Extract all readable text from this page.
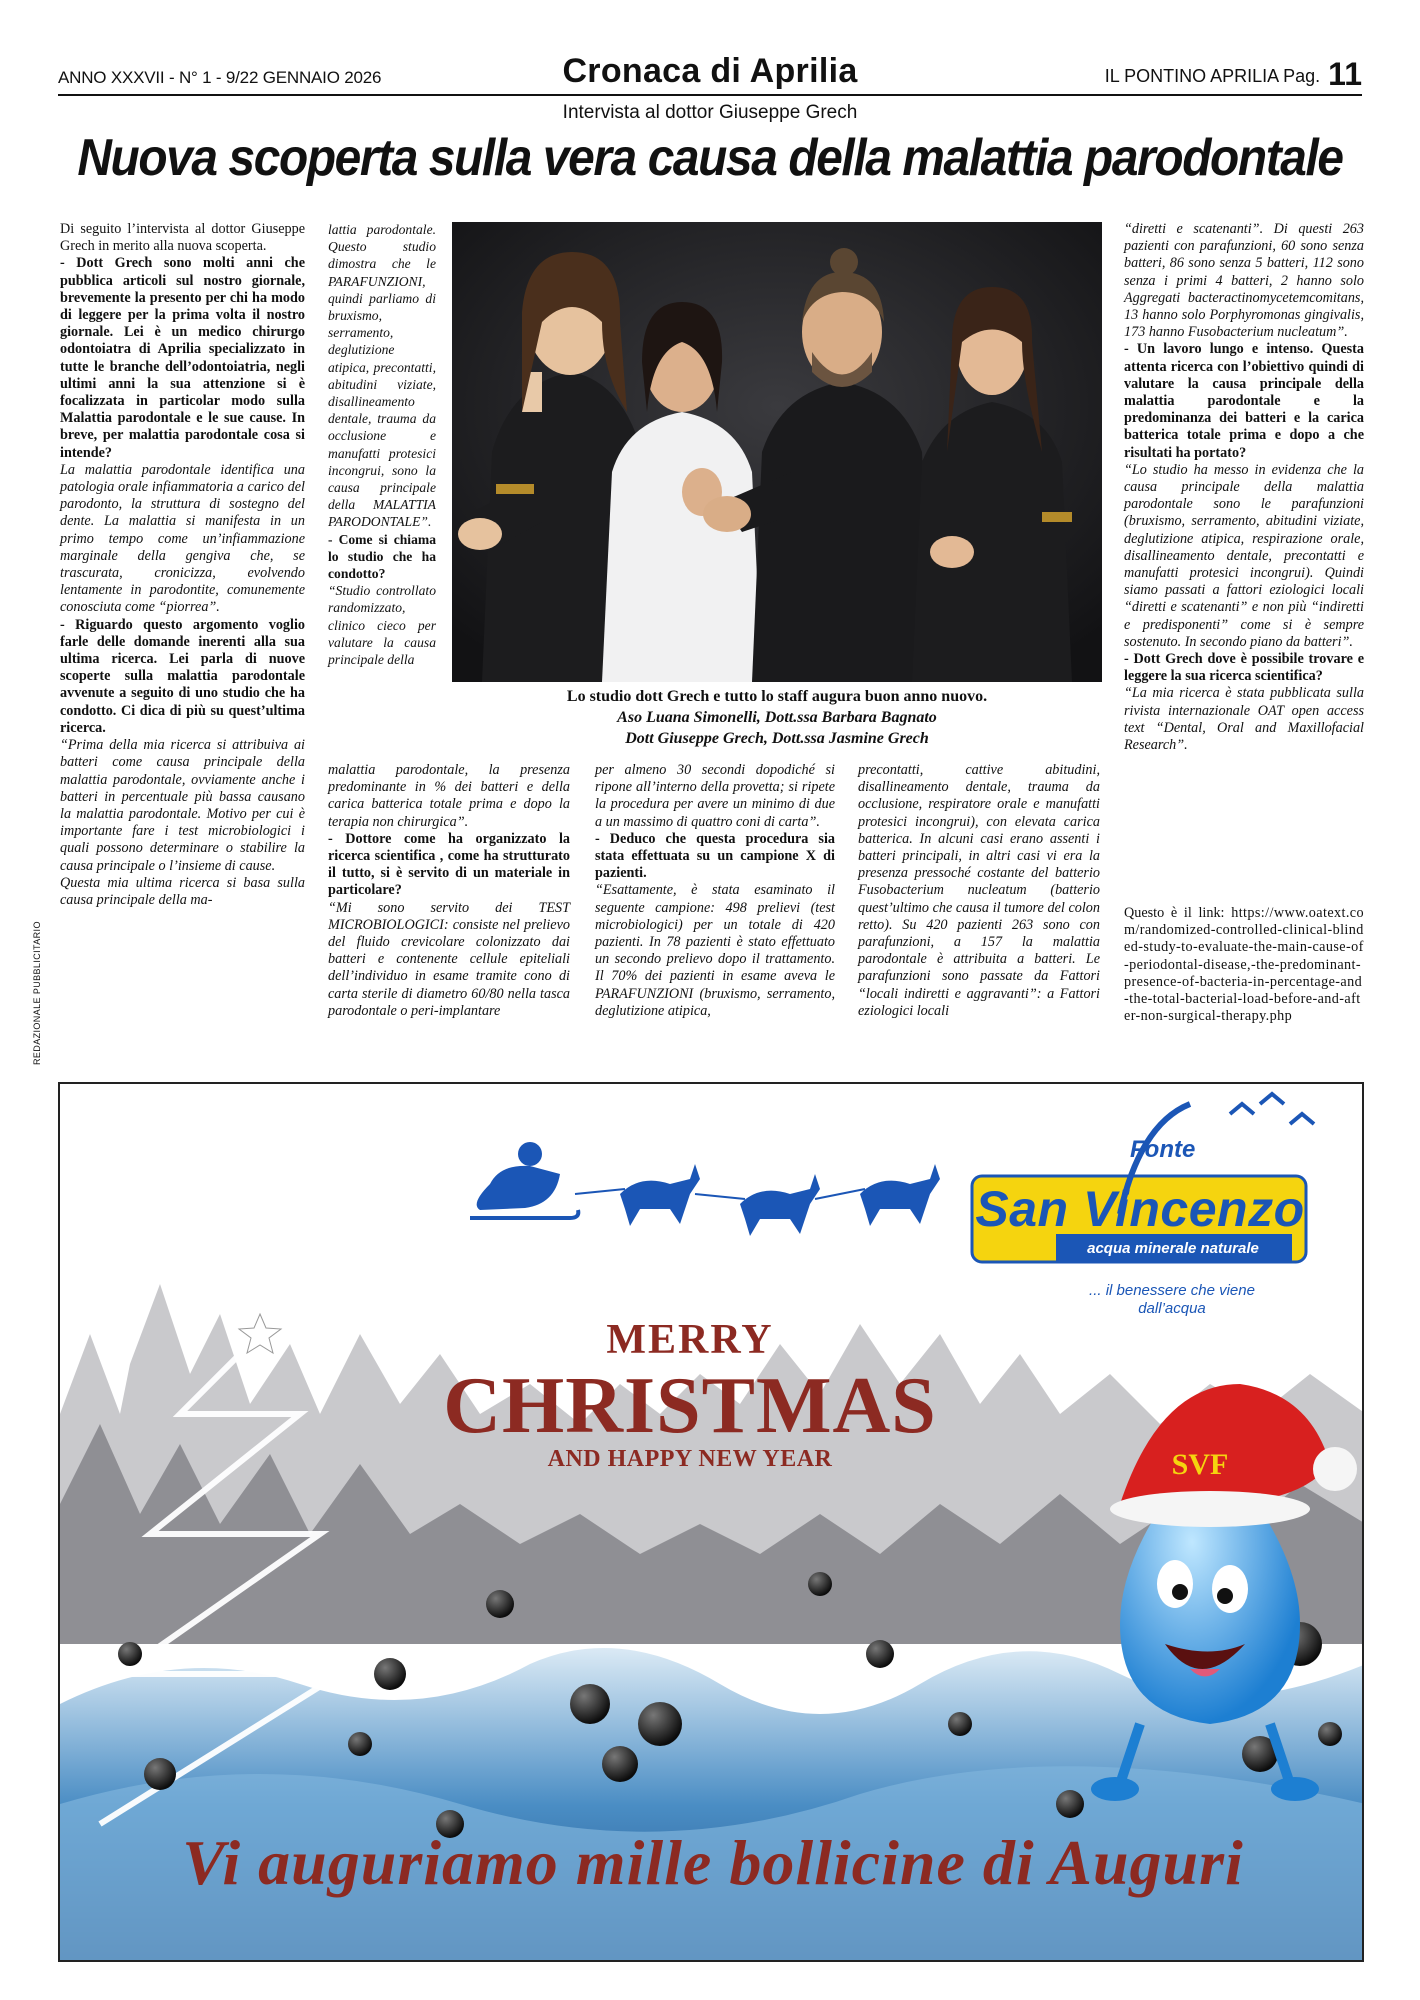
ANNO XXXVII - N° 1 - 9/22 GENNAIO 2026	Cronaca di Aprilia	IL PONTINO APRILIA Pag. 11
Intervista al dottor Giuseppe Grech
Nuova scoperta sulla vera causa della malattia parodontale

Di seguito l’intervista al dottor Giuseppe Grech in merito alla nuova scoperta.

- Dott Grech sono molti anni che pubblica articoli sul nostro giornale, brevemente la presento per chi ha modo di leggere per la prima volta il nostro giornale. Lei è un medico chirurgo odontoiatra di Aprilia specializzato in tutte le branche dell’odontoiatria, negli ultimi anni la sua attenzione si è focalizzata in particolar modo sulla Malattia parodontale e le sue cause. In breve, per malattia parodontale cosa si intende?

La malattia parodontale identifica una patologia orale infiammatoria a carico del parodonto, la struttura di sostegno del dente. La malattia si manifesta in un primo tempo come un’infiammazione marginale della gengiva che, se trascurata, cronicizza, evolvendo lentamente in parodontite, comunemente conosciuta come “piorrea”.

- Riguardo questo argomento voglio farle delle domande inerenti alla sua ultima ricerca. Lei parla di nuove scoperte sulla malattia parodontale avvenute a seguito di uno studio che ha condotto. Ci dica di più su quest’ultima ricerca.

“Prima della mia ricerca si attribuiva ai batteri come causa principale della malattia parodontale, ovviamente anche i batteri in percentuale più bassa causano la malattia parodontale. Motivo per cui è importante fare i test microbiologici i quali possono determinare o stabilire la causa principale o l’insieme di cause.

Questa mia ultima ricerca si basa sulla causa principale della ma-

lattia parodontale. Questo studio dimostra che le PARAFUNZIONI, quindi parliamo di bruxismo, serramento, deglutizione atipica, precontatti, abitudini viziate, disallineamento dentale, trauma da occlusione e manufatti protesici incongrui, sono la causa principale della MALATTIA PARODONTALE”.

- Come si chiama lo studio che ha condotto?

“Studio controllato randomizzato, clinico cieco per valutare la causa principale della

malattia parodontale, la presenza predominante in % dei batteri e della carica batterica totale prima e dopo la terapia non chirurgica”.

- Dottore come ha organizzato la ricerca scientifica , come ha strutturato il tutto, si è servito di un materiale in particolare?

“Mi sono servito dei TEST MICROBIOLOGICI: consiste nel prelievo del fluido crevicolare colonizzato dai batteri e contenente cellule epiteliali dell’individuo in esame tramite cono di carta sterile di diametro 60/80 nella tasca parodontale o peri-implantare

per almeno 30 secondi dopodiché si ripone all’interno della provetta; si ripete la procedura per avere un minimo di due a un massimo di quattro coni di carta”.

- Deduco che questa procedura sia stata effettuata su un campione X di pazienti.

“Esattamente, è stata esaminato il seguente campione: 498 prelievi (test microbiologici) per un totale di 420 pazienti. In 78 pazienti è stato effettuato un secondo prelievo dopo il trattamento. Il 70% dei pazienti in esame aveva le PARAFUNZIONI (bruxismo, serramento, deglutizione atipica,

precontatti, cattive abitudini, disallineamento dentale, trauma da occlusione, respiratore orale e manufatti protesici incongrui), con elevata carica batterica. In alcuni casi erano assenti i batteri principali, in altri casi vi era la presenza pressoché costante del batterio Fusobacterium nucleatum (batterio quest’ultimo che causa il tumore del colon retto). Su 420 pazienti 263 sono con parafunzioni, a 157 la malattia parodontale è attribuita a batteri. Le parafunzioni sono passate da Fattori “locali indiretti e aggravanti”: a Fattori eziologici locali

“diretti e scatenanti”. Di questi 263 pazienti con parafunzioni, 60 sono senza batteri, 86 sono senza 5 batteri, 112 sono senza i primi 4 batteri, 2 hanno solo Aggregati bacteractinomycetemcomitans, 13 hanno solo Porphyromonas gingivalis, 173 hanno Fusobacterium nucleatum”.

- Un lavoro lungo e intenso. Questa attenta ricerca con l’obiettivo quindi di valutare la causa principale della malattia parodontale e la predominanza dei batteri e la carica batterica totale prima e dopo a che risultati ha portato?

“Lo studio ha messo in evidenza che la causa principale della malattia parodontale sono le parafunzioni (bruxismo, serramento, abitudini viziate, deglutizione atipica, respirazione orale, disallineamento dentale, precontatti e manufatti protesici incongrui). Quindi siamo passati a fattori eziologici locali “diretti e scatenanti” e non più “indiretti e predisponenti” come si è sempre sostenuto. In secondo piano da batteri”.

- Dott Grech dove è possibile trovare e leggere la sua ricerca scientifica?

“La mia ricerca è stata pubblicata sulla rivista internazionale OAT open access text “Dental, Oral and Maxillofacial Research”.

Questo è il link: https://www.oatext.com/randomized-controlled-clinical-blinded-study-to-evaluate-the-main-cause-of-periodontal-disease,-the-predominant-presence-of-bacteria-in-percentage-and-the-total-bacterial-load-before-and-after-non-surgical-therapy.php
REDAZIONALE PUBBLICITARIO
Lo studio dott Grech e tutto lo staff augura buon anno nuovo.
Aso Luana Simonelli, Dott.ssa Barbara Bagnato
Dott Giuseppe Grech, Dott.ssa Jasmine Grech
SVF
Fonte
San Vincenzo
acqua minerale naturale
... il benessere che viene dall’acqua
MERRY
CHRISTMAS
AND HAPPY NEW YEAR
Vi auguriamo mille bollicine di Auguri
